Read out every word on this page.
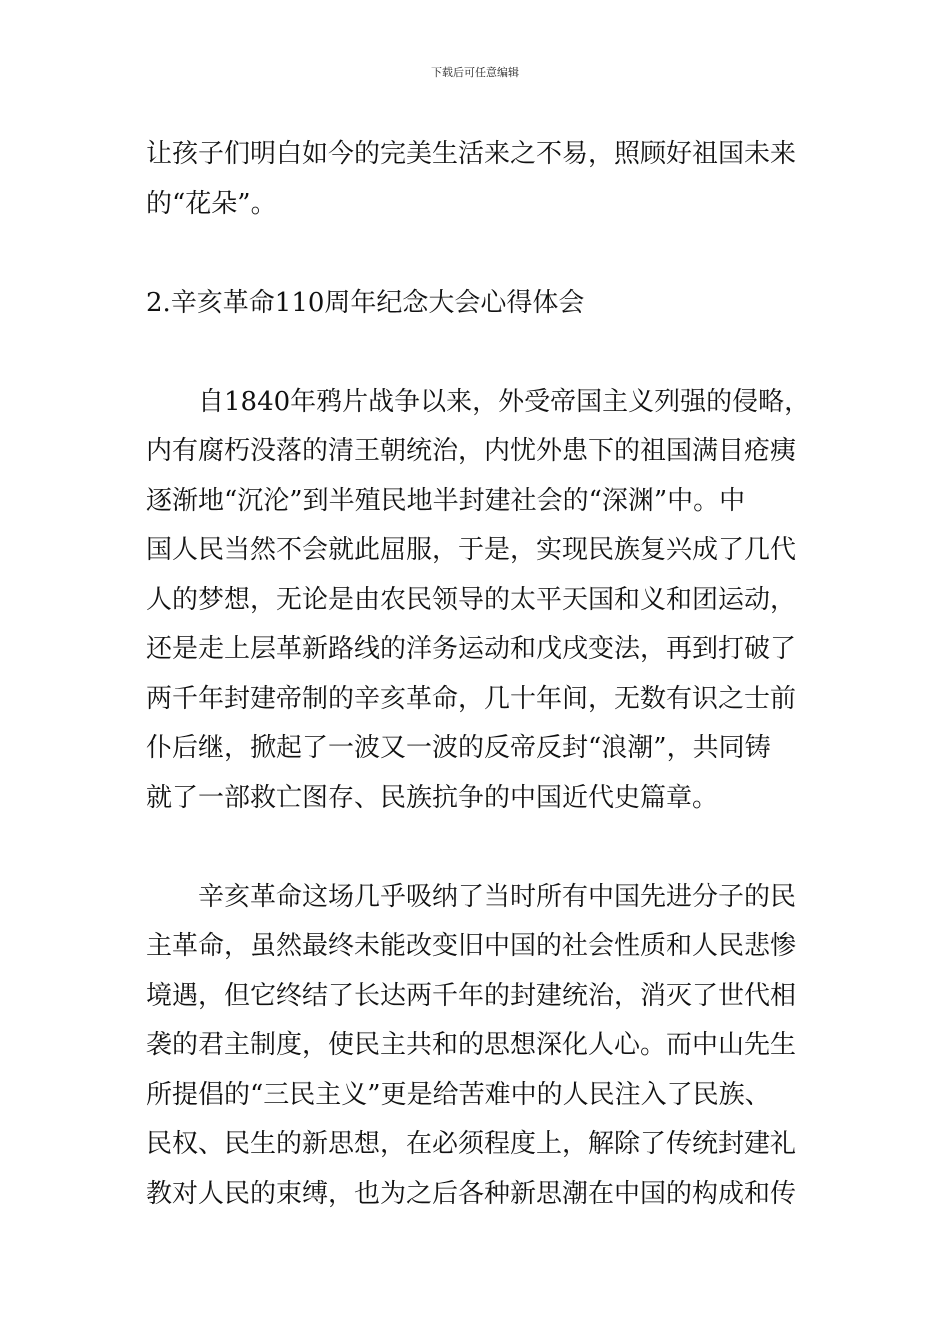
下载后可任意编辑

让孩子们明白如今的完美生活来之不易，照顾好祖国未来
的“花朵”。

2.辛亥革命110周年纪念大会心得体会

　　自1840年鸦片战争以来，外受帝国主义列强的侵略，
内有腐朽没落的清王朝统治，内忧外患下的祖国满目疮痍
逐渐地“沉沦”到半殖民地半封建社会的“深渊”中。中
国人民当然不会就此屈服，于是，实现民族复兴成了几代
人的梦想，无论是由农民领导的太平天国和义和团运动，
还是走上层革新路线的洋务运动和戊戌变法，再到打破了
两千年封建帝制的辛亥革命，几十年间，无数有识之士前
仆后继，掀起了一波又一波的反帝反封“浪潮”，共同铸
就了一部救亡图存、民族抗争的中国近代史篇章。

　　辛亥革命这场几乎吸纳了当时所有中国先进分子的民
主革命，虽然最终未能改变旧中国的社会性质和人民悲惨
境遇，但它终结了长达两千年的封建统治，消灭了世代相
袭的君主制度，使民主共和的思想深化人心。而中山先生
所提倡的“三民主义”更是给苦难中的人民注入了民族、
民权、民生的新思想，在必须程度上，解除了传统封建礼
教对人民的束缚，也为之后各种新思潮在中国的构成和传
